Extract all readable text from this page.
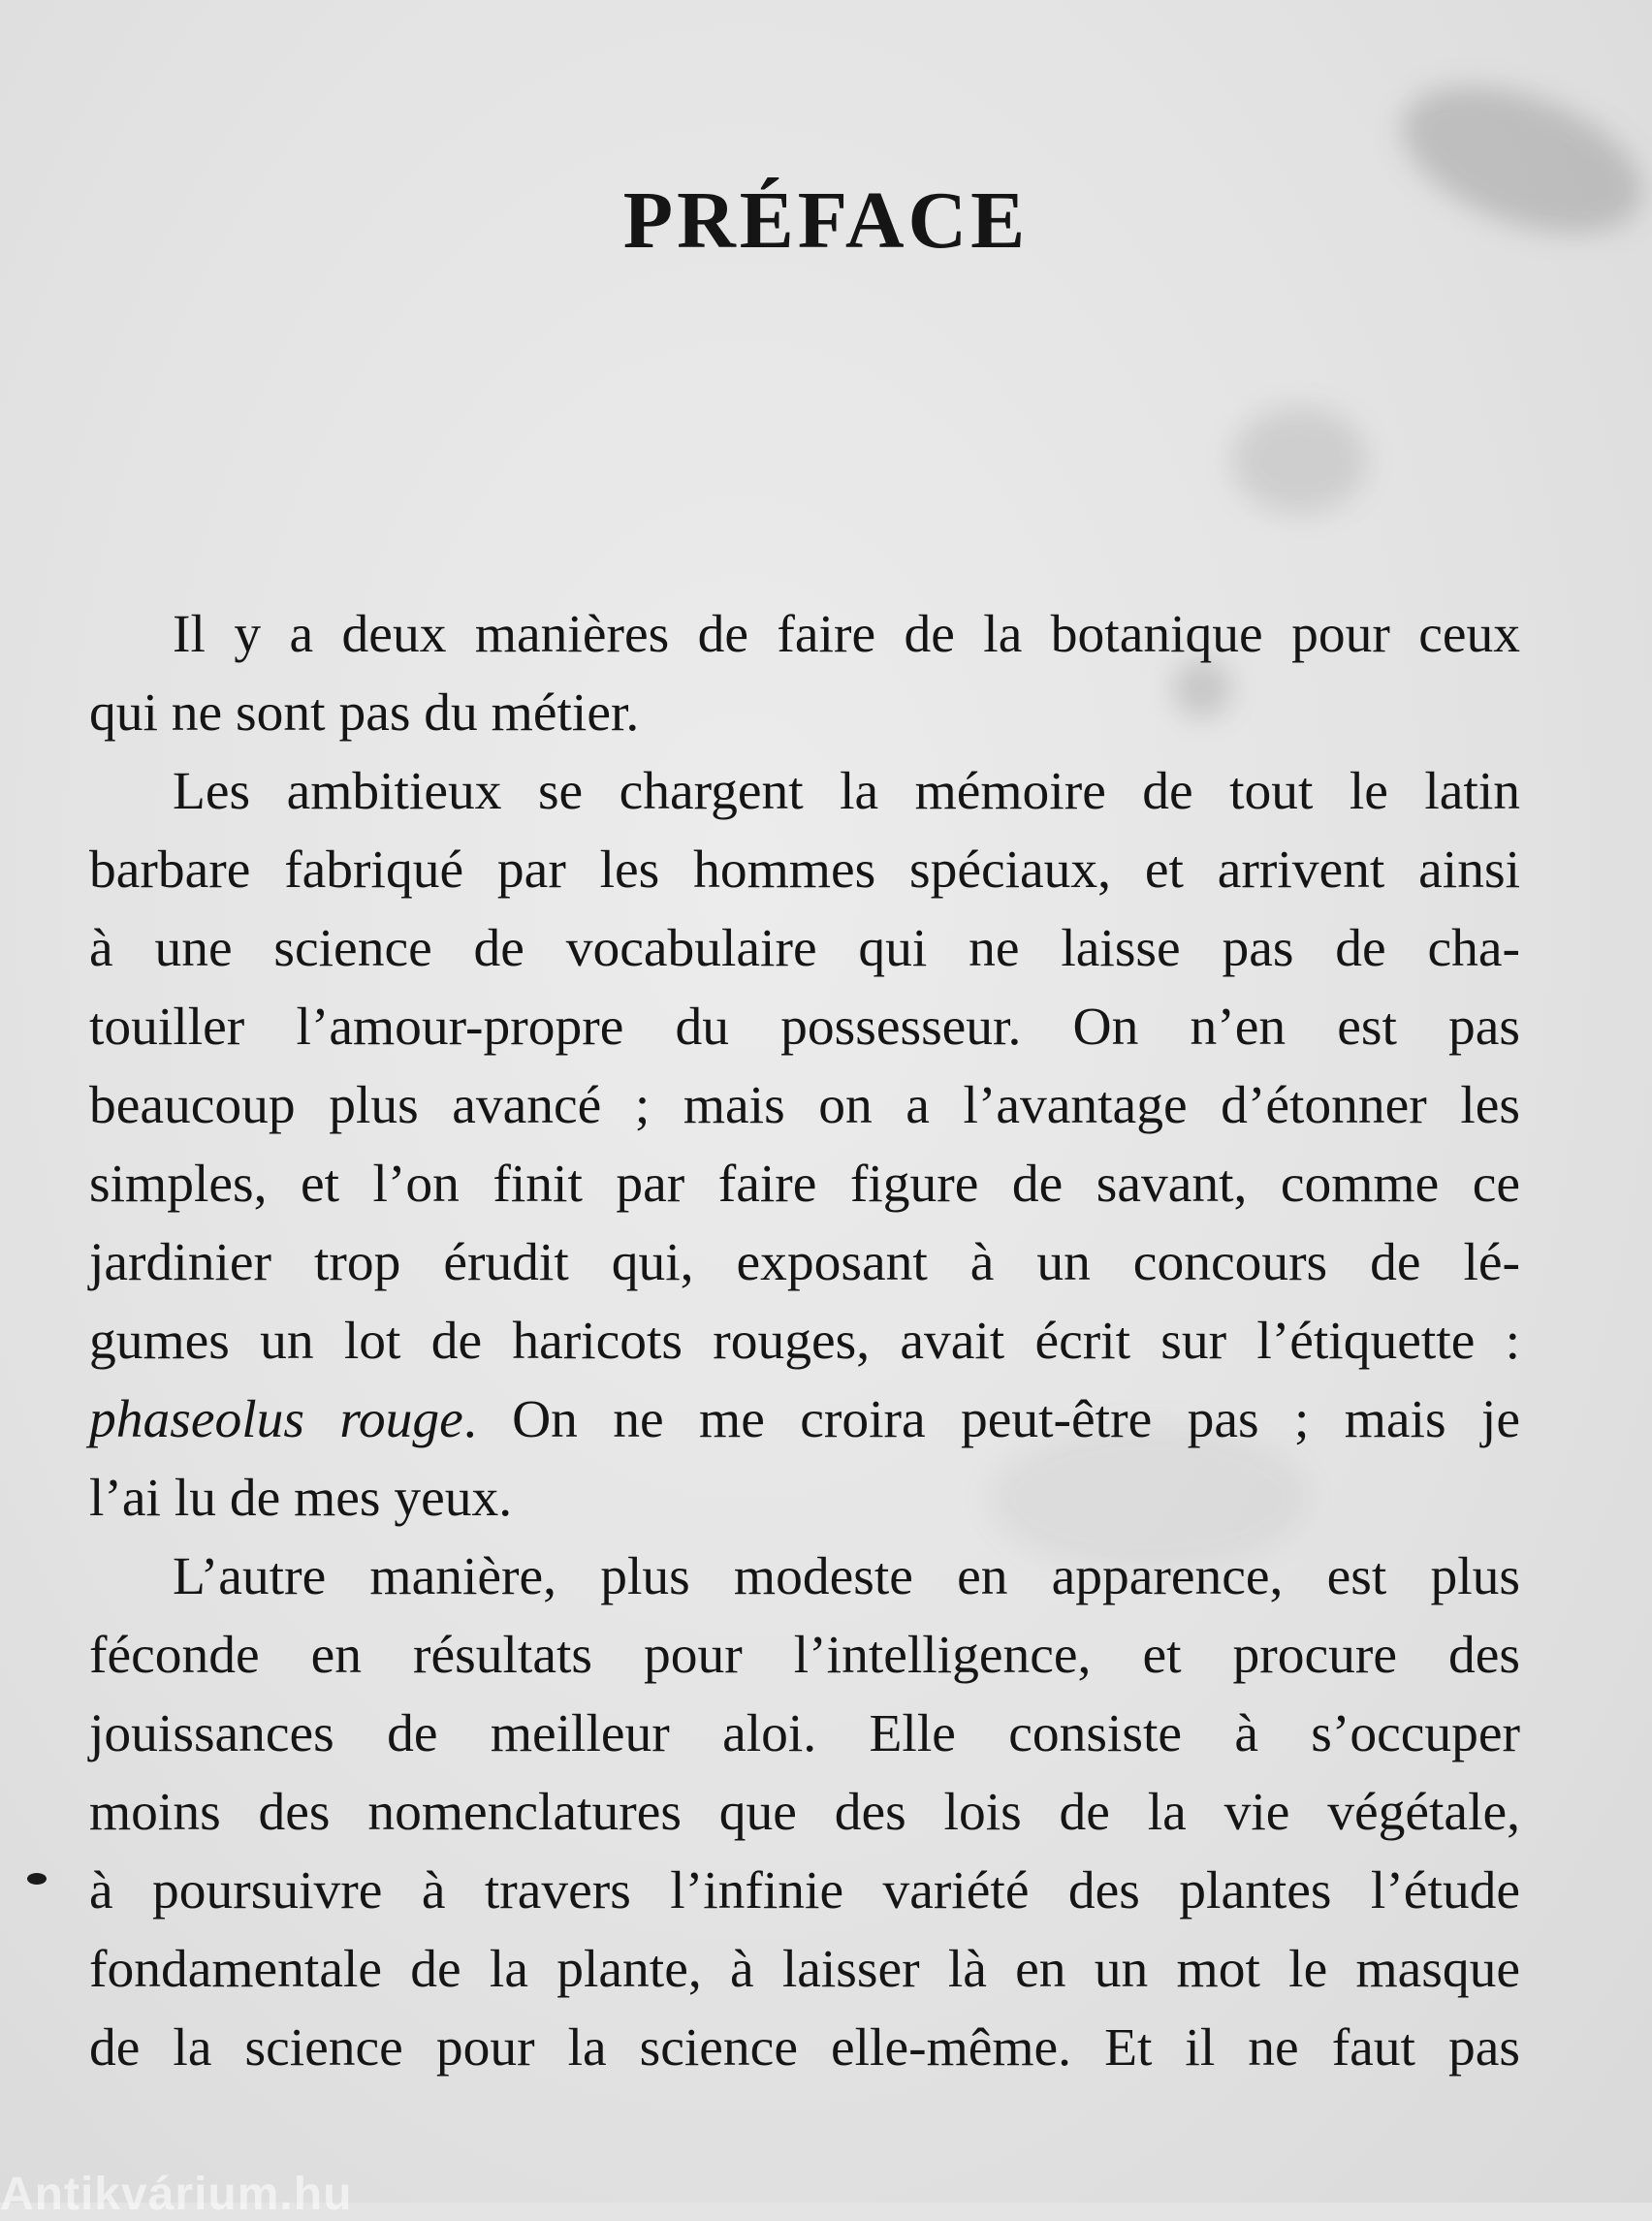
PRÉFACE

Il y a deux manières de faire de la botanique pour ceux
qui ne sont pas du métier.

Les ambitieux se chargent la mémoire de tout le latin
barbare fabriqué par les hommes spéciaux, et arrivent ainsi
à une science de vocabulaire qui ne laisse pas de cha-
touiller l’amour-propre du possesseur. On n’en est pas
beaucoup plus avancé ; mais on a l’avantage d’étonner les
simples, et l’on finit par faire figure de savant, comme ce
jardinier trop érudit qui, exposant à un concours de lé-
gumes un lot de haricots rouges, avait écrit sur l’étiquette :
phaseolus rouge. On ne me croira peut-être pas ; mais je
l’ai lu de mes yeux.

L’autre manière, plus modeste en apparence, est plus
féconde en résultats pour l’intelligence, et procure des
jouissances de meilleur aloi. Elle consiste à s’occuper
moins des nomenclatures que des lois de la vie végétale,
à poursuivre à travers l’infinie variété des plantes l’étude
fondamentale de la plante, à laisser là en un mot le masque
de la science pour la science elle-même. Et il ne faut pas

Antikvárium.hu
